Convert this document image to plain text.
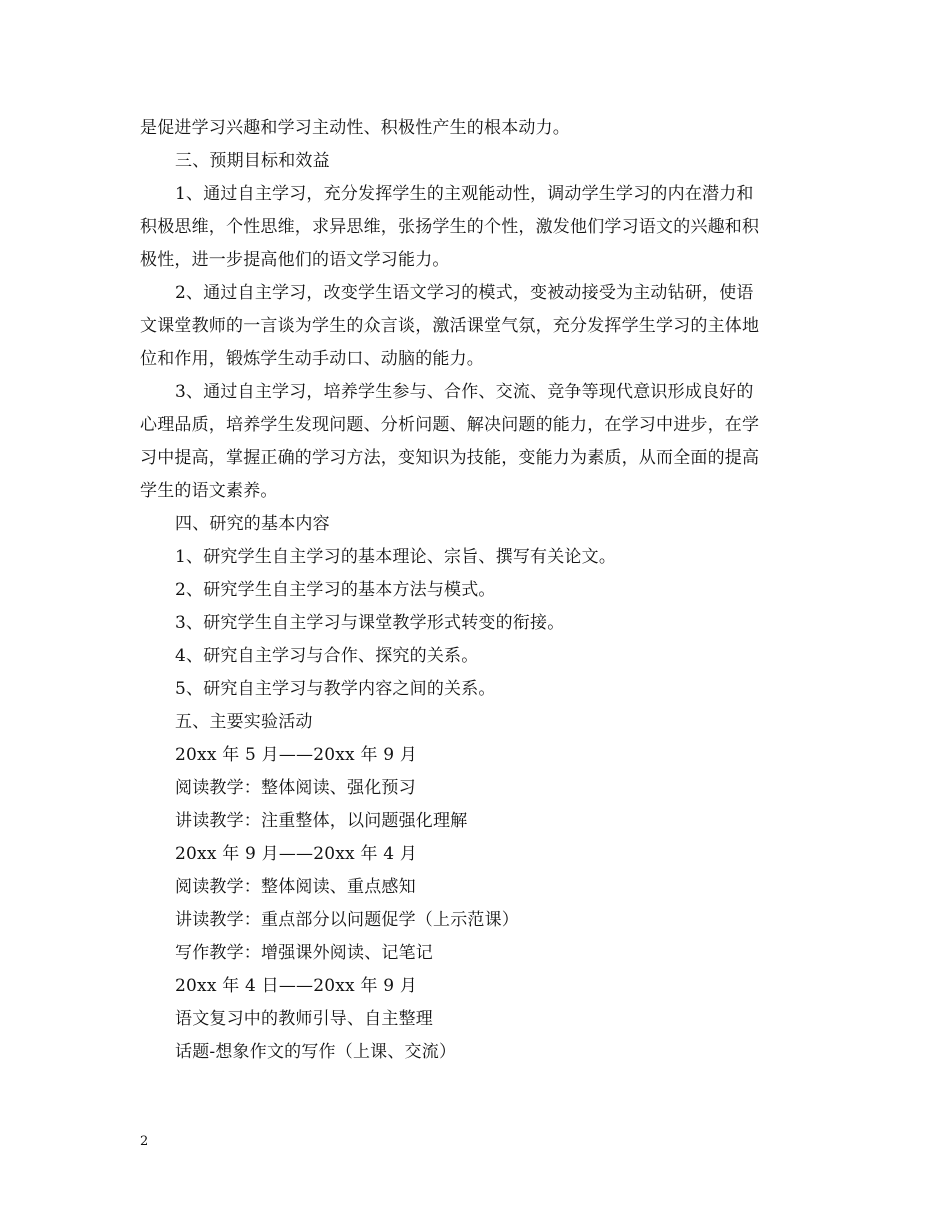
是促进学习兴趣和学习主动性、积极性产生的根本动力。
三、预期目标和效益
1、通过自主学习，充分发挥学生的主观能动性，调动学生学习的内在潜力和
积极思维，个性思维，求异思维，张扬学生的个性，激发他们学习语文的兴趣和积
极性，进一步提高他们的语文学习能力。
2、通过自主学习，改变学生语文学习的模式，变被动接受为主动钻研，使语
文课堂教师的一言谈为学生的众言谈，激活课堂气氛，充分发挥学生学习的主体地
位和作用，锻炼学生动手动口、动脑的能力。
3、通过自主学习，培养学生参与、合作、交流、竞争等现代意识形成良好的
心理品质，培养学生发现问题、分析问题、解决问题的能力，在学习中进步，在学
习中提高，掌握正确的学习方法，变知识为技能，变能力为素质，从而全面的提高
学生的语文素养。
四、研究的基本内容
1、研究学生自主学习的基本理论、宗旨、撰写有关论文。
2、研究学生自主学习的基本方法与模式。
3、研究学生自主学习与课堂教学形式转变的衔接。
4、研究自主学习与合作、探究的关系。
5、研究自主学习与教学内容之间的关系。
五、主要实验活动
20xx 年 5 月——20xx 年 9 月
阅读教学：整体阅读、强化预习
讲读教学：注重整体，以问题强化理解
20xx 年 9 月——20xx 年 4 月
阅读教学：整体阅读、重点感知
讲读教学：重点部分以问题促学（上示范课）
写作教学：增强课外阅读、记笔记
20xx 年 4 日——20xx 年 9 月
语文复习中的教师引导、自主整理
话题-想象作文的写作（上课、交流）
2
